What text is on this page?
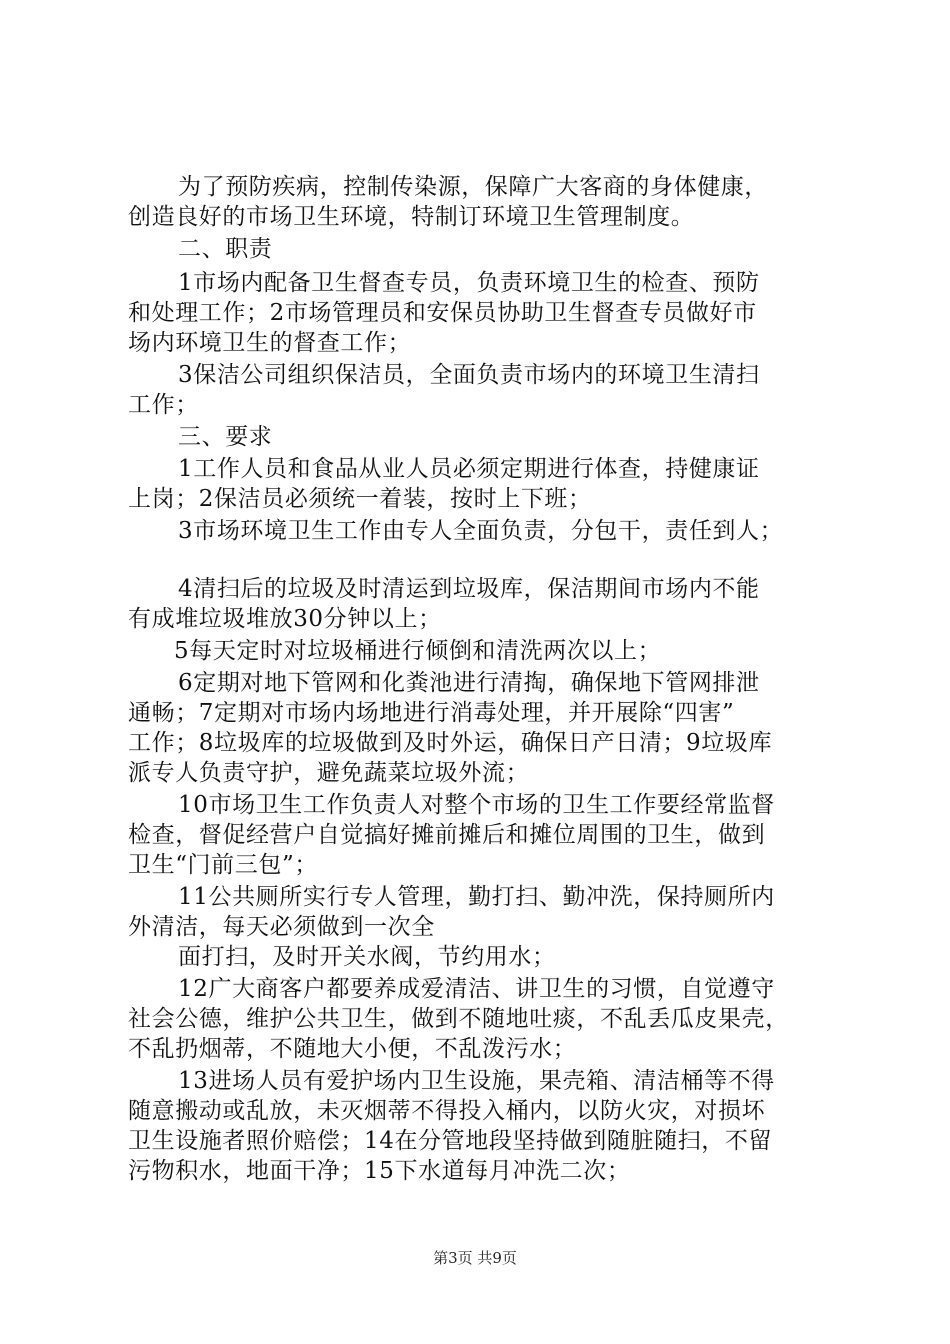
为了预防疾病，控制传染源，保障广大客商的身体健康，
创造良好的市场卫生环境，特制订环境卫生管理制度。
二、职责
1市场内配备卫生督查专员，负责环境卫生的检查、预防
和处理工作；2市场管理员和安保员协助卫生督查专员做好市
场内环境卫生的督查工作；
3保洁公司组织保洁员，全面负责市场内的环境卫生清扫
工作；
三、要求
1工作人员和食品从业人员必须定期进行体查，持健康证
上岗；2保洁员必须统一着装，按时上下班；
3市场环境卫生工作由专人全面负责，分包干，责任到人；
4清扫后的垃圾及时清运到垃圾库，保洁期间市场内不能
有成堆垃圾堆放30分钟以上；
5每天定时对垃圾桶进行倾倒和清洗两次以上；
6定期对地下管网和化粪池进行清掏，确保地下管网排泄
通畅；7定期对市场内场地进行消毒处理，并开展除“四害”
工作；8垃圾库的垃圾做到及时外运，确保日产日清；9垃圾库
派专人负责守护，避免蔬菜垃圾外流；
10市场卫生工作负责人对整个市场的卫生工作要经常监督
检查，督促经营户自觉搞好摊前摊后和摊位周围的卫生，做到
卫生“门前三包”；
11公共厕所实行专人管理，勤打扫、勤冲洗，保持厕所内
外清洁，每天必须做到一次全
面打扫，及时开关水阀，节约用水；
12广大商客户都要养成爱清洁、讲卫生的习惯，自觉遵守
社会公德，维护公共卫生，做到不随地吐痰，不乱丢瓜皮果壳，
不乱扔烟蒂，不随地大小便，不乱泼污水；
13进场人员有爱护场内卫生设施，果壳箱、清洁桶等不得
随意搬动或乱放，未灭烟蒂不得投入桶内，以防火灾，对损坏
卫生设施者照价赔偿；14在分管地段坚持做到随脏随扫，不留
污物积水，地面干净；15下水道每月冲洗二次；
第3页 共9页
